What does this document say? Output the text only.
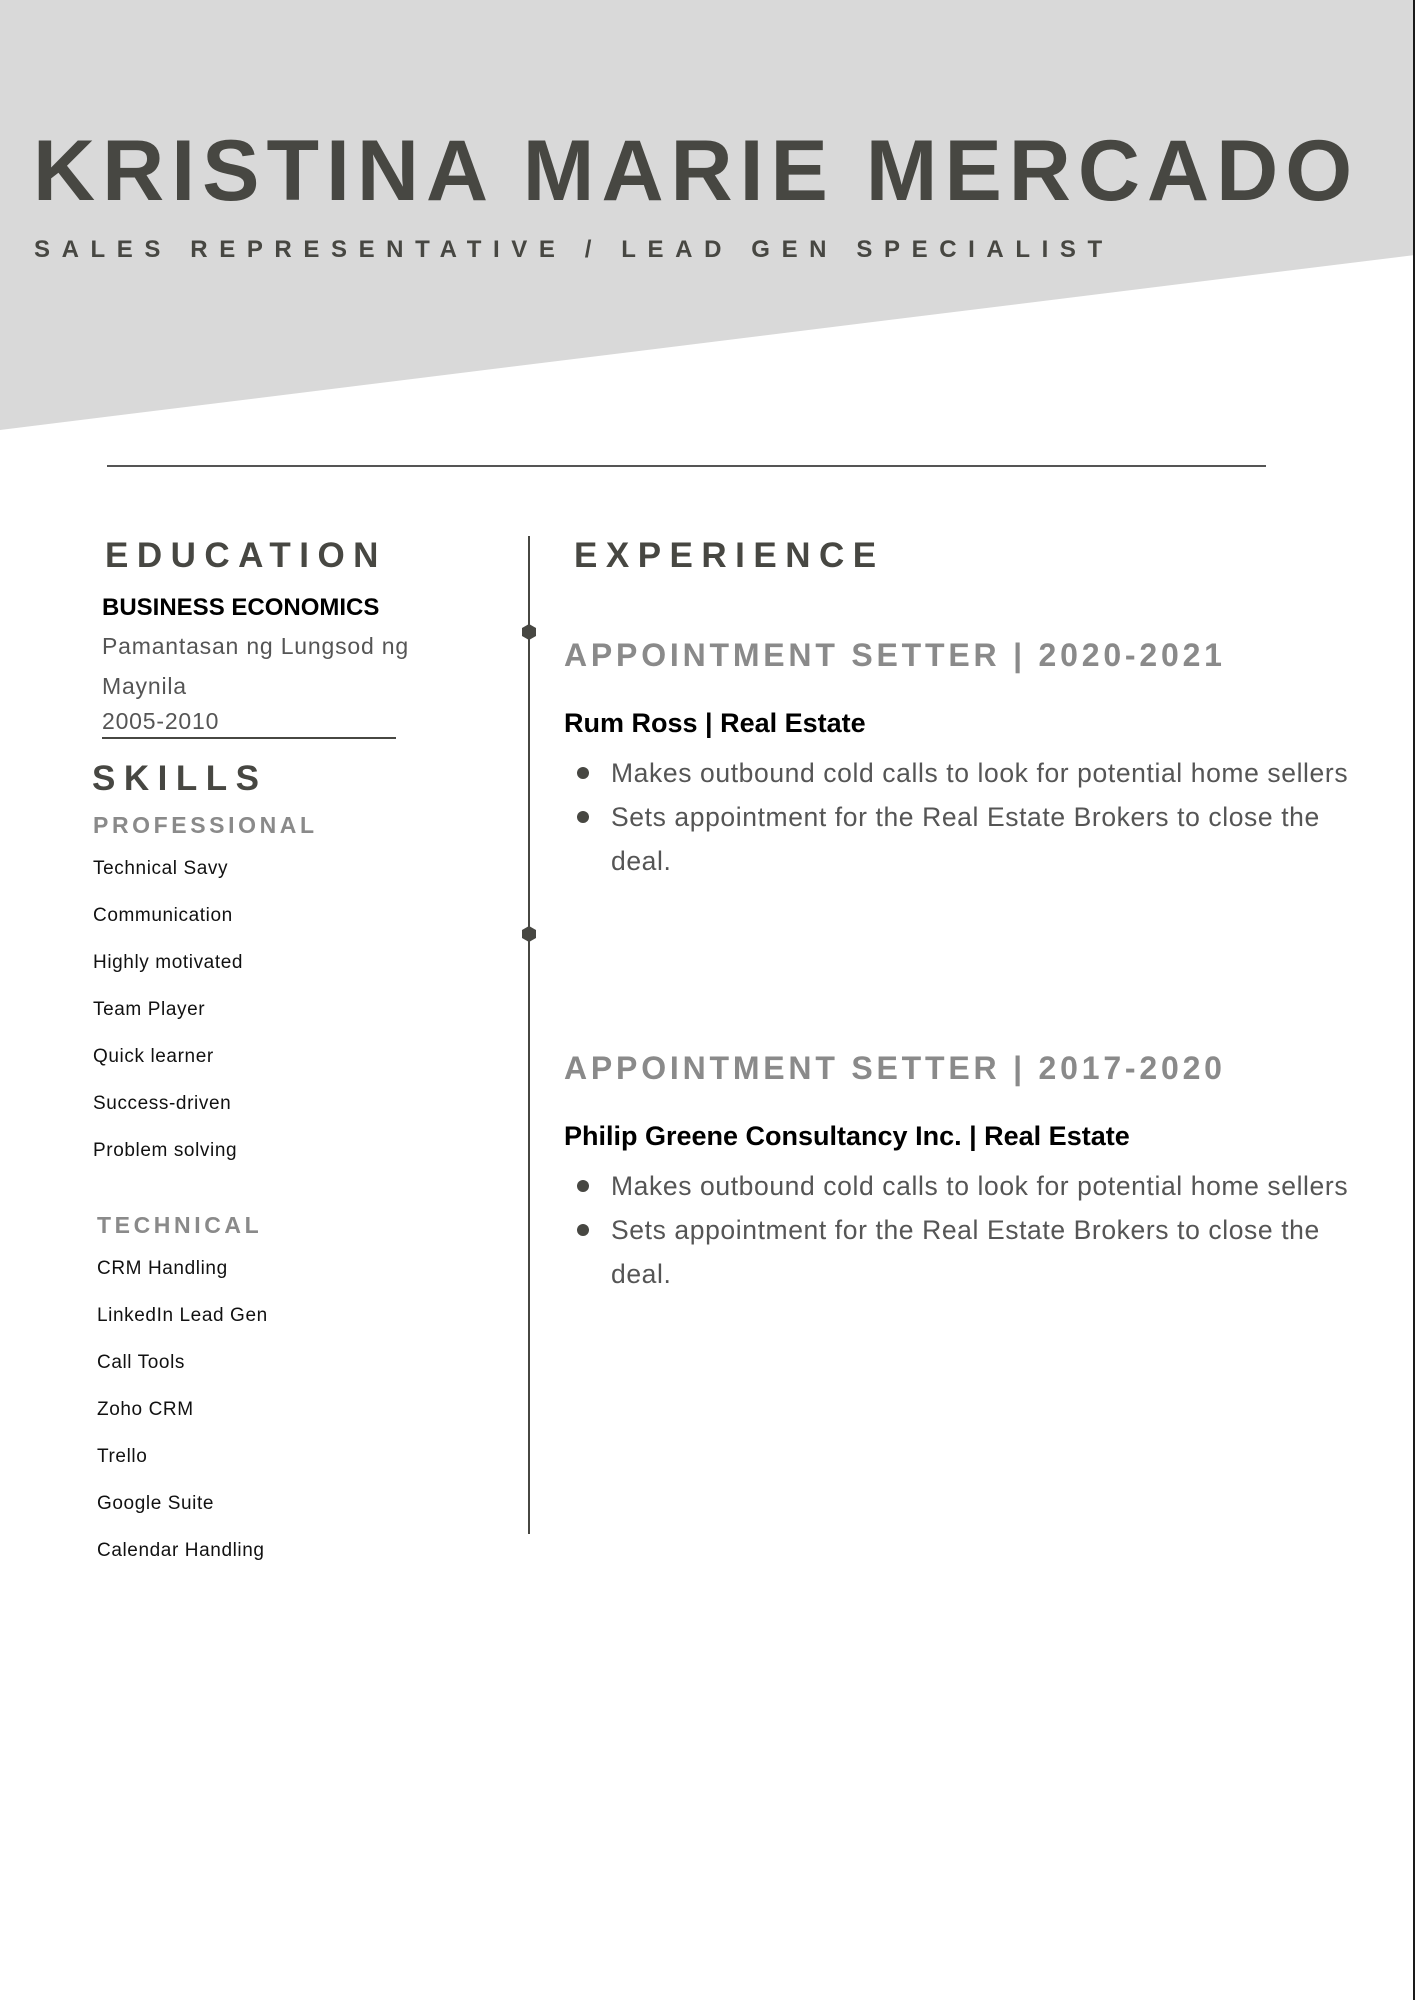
KRISTINA MARIE MERCADO
SALES REPRESENTATIVE / LEAD GEN SPECIALIST
EDUCATION
BUSINESS ECONOMICS
Pamantasan ng Lungsod ng Maynila
2005-2010
SKILLS
PROFESSIONAL
Technical Savy
Communication
Highly motivated
Team Player
Quick learner
Success-driven
Problem solving
TECHNICAL
CRM Handling
LinkedIn Lead Gen
Call Tools
Zoho CRM
Trello
Google Suite
Calendar Handling
EXPERIENCE
APPOINTMENT SETTER | 2020-2021
Rum Ross | Real Estate
Makes outbound cold calls to look for potential home sellers
Sets appointment for the Real Estate Brokers to close the deal.
APPOINTMENT SETTER | 2017-2020
Philip Greene Consultancy Inc. | Real Estate
Makes outbound cold calls to look for potential home sellers
Sets appointment for the Real Estate Brokers to close the deal.
